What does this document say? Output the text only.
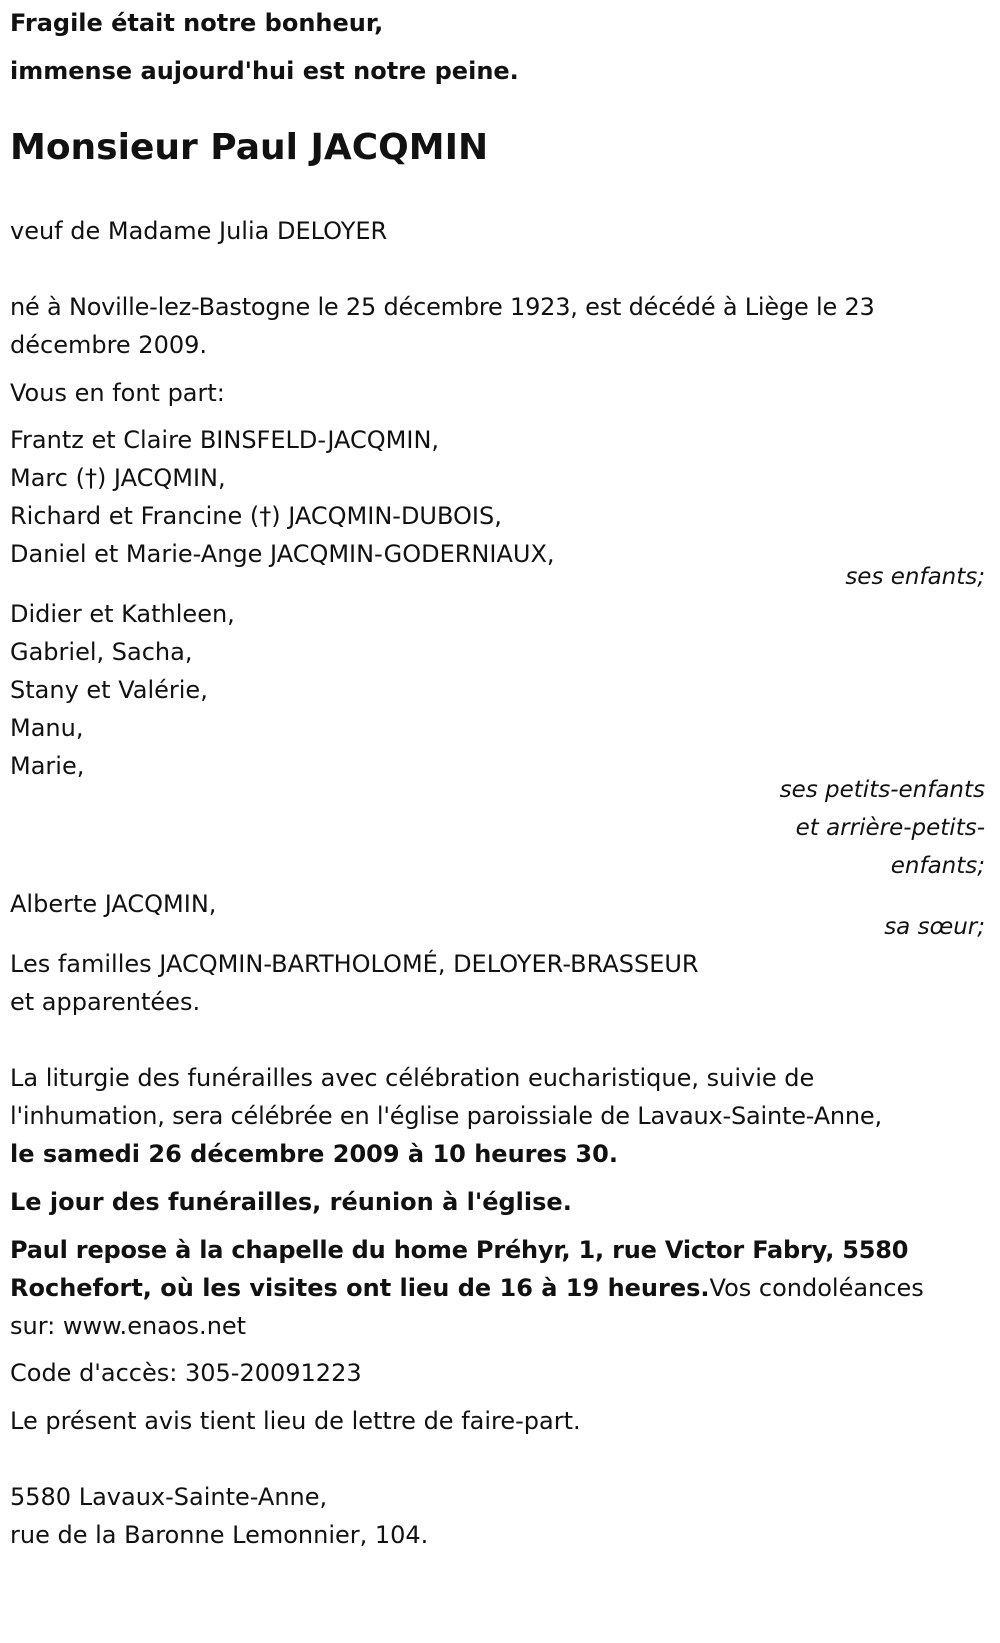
Fragile était notre bonheur,
immense aujourd'hui est notre peine.
Monsieur Paul JACQMIN
veuf de Madame Julia DELOYER
né à Noville-lez-Bastogne le 25 décembre 1923, est décédé à Liège le 23
décembre 2009.
Vous en font part:
Frantz et Claire BINSFELD-JACQMIN,
Marc (†) JACQMIN,
Richard et Francine (†) JACQMIN-DUBOIS,
Daniel et Marie-Ange JACQMIN-GODERNIAUX,
ses enfants;
Didier et Kathleen,
Gabriel, Sacha,
Stany et Valérie,
Manu,
Marie,
ses petits-enfants
et arrière-petits-
enfants;
Alberte JACQMIN,
sa sœur;
Les familles JACQMIN-BARTHOLOMÉ, DELOYER-BRASSEUR
et apparentées.
La liturgie des funérailles avec célébration eucharistique, suivie de
l'inhumation, sera célébrée en l'église paroissiale de Lavaux-Sainte-Anne,
le samedi 26 décembre 2009 à 10 heures 30.
Le jour des funérailles, réunion à l'église.
Paul repose à la chapelle du home Préhyr, 1, rue Victor Fabry, 5580
Rochefort, où les visites ont lieu de 16 à 19 heures.Vos condoléances
sur: www.enaos.net
Code d'accès: 305-20091223
Le présent avis tient lieu de lettre de faire-part.
5580 Lavaux-Sainte-Anne,
rue de la Baronne Lemonnier, 104.
